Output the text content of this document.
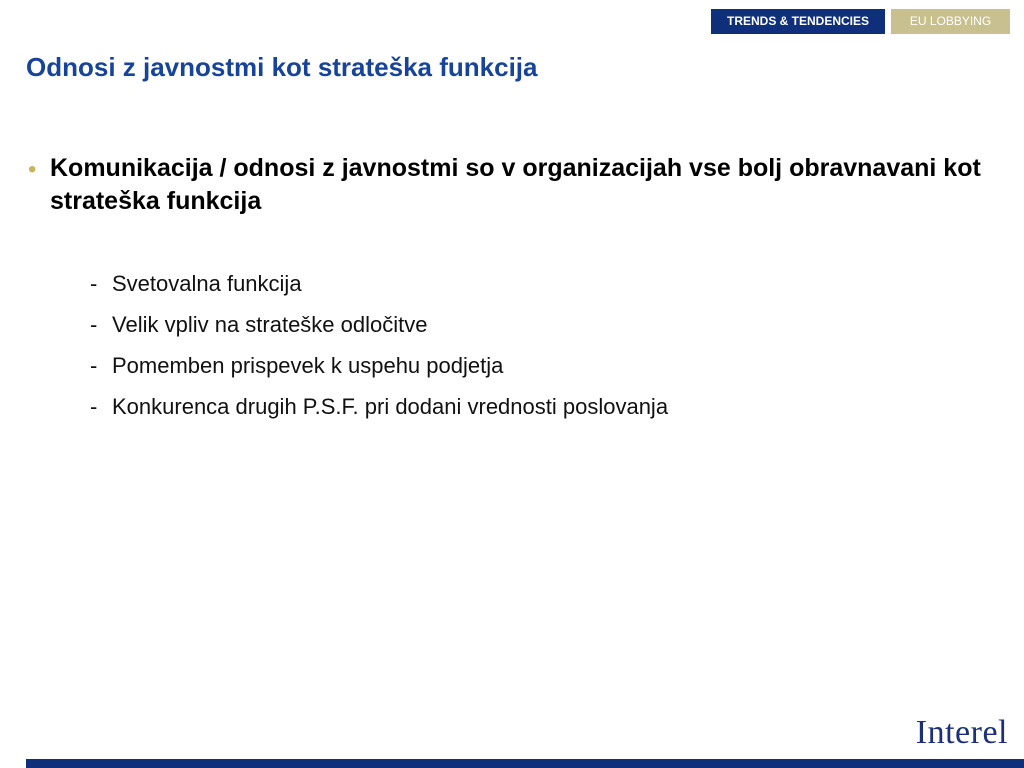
TRENDS & TENDENCIES	EU LOBBYING
Odnosi z javnostmi kot strateška funkcija
• Komunikacija / odnosi z javnostmi so v organizacijah vse bolj obravnavani kot strateška funkcija
- Svetovalna funkcija
- Velik vpliv na strateške odločitve
- Pomemben prispevek k uspehu podjetja
- Konkurenca drugih P.S.F. pri dodani vrednosti poslovanja
Interel
